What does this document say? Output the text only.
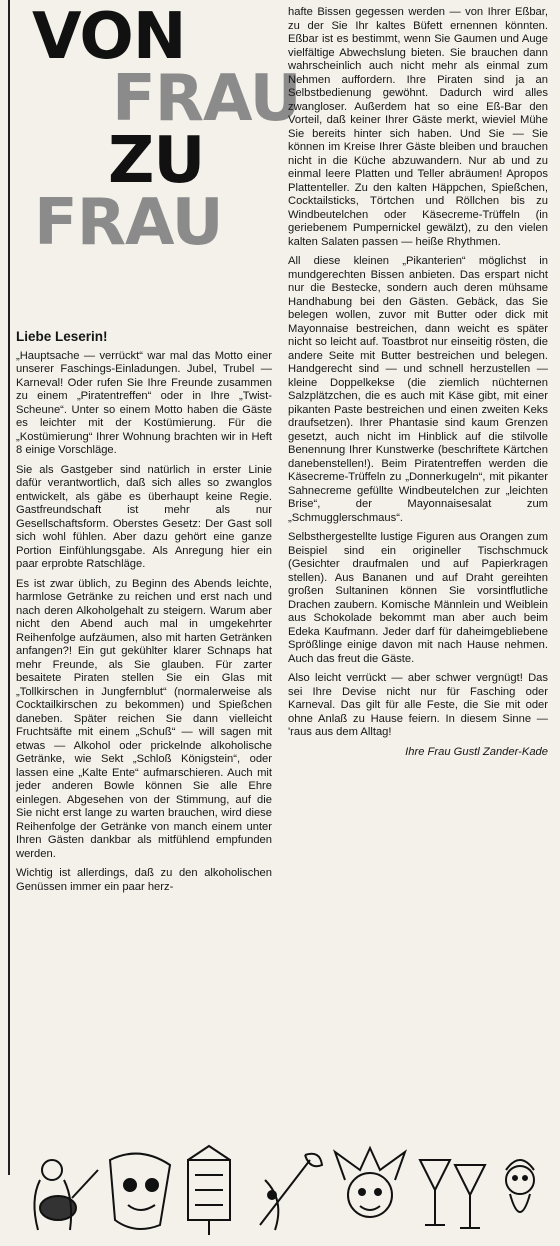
VON
FRAU
ZU
FRAU

Liebe Leserin!

„Hauptsache — verrückt“ war mal das Motto einer unserer Faschings-Einladungen. Jubel, Trubel — Karneval! Oder rufen Sie Ihre Freunde zusammen zu einem „Piratentreffen“ oder in Ihre „Twist-Scheune“. Unter so einem Motto haben die Gäste es leichter mit der Kostümierung. Für die „Kostümierung“ Ihrer Wohnung brachten wir in Heft 8 einige Vorschläge.

Sie als Gastgeber sind natürlich in erster Linie dafür verantwortlich, daß sich alles so zwanglos entwickelt, als gäbe es überhaupt keine Regie. Gastfreundschaft ist mehr als nur Gesellschaftsform. Oberstes Gesetz: Der Gast soll sich wohl fühlen. Aber dazu gehört eine ganze Portion Einfühlungsgabe. Als Anregung hier ein paar erprobte Ratschläge.

Es ist zwar üblich, zu Beginn des Abends leichte, harmlose Getränke zu reichen und erst nach und nach deren Alkoholgehalt zu steigern. Warum aber nicht den Abend auch mal in umgekehrter Reihenfolge aufzäumen, also mit harten Getränken anfangen?! Ein gut gekühlter klarer Schnaps hat mehr Freunde, als Sie glauben. Für zarter besaitete Piraten stellen Sie ein Glas mit „Tollkirschen in Jungfernblut“ (normalerweise als Cocktailkirschen zu bekommen) und Spießchen daneben. Später reichen Sie dann vielleicht Fruchtsäfte mit einem „Schuß“ — will sagen mit etwas — Alkohol oder prickelnde alkoholische Getränke, wie Sekt „Schloß Königstein“, oder lassen eine „Kalte Ente“ aufmarschieren. Auch mit jeder anderen Bowle können Sie alle Ehre einlegen. Abgesehen von der Stimmung, auf die Sie nicht erst lange zu warten brauchen, wird diese Reihenfolge der Getränke von manch einem unter Ihren Gästen dankbar als mitfühlend empfunden werden.

Wichtig ist allerdings, daß zu den alkoholischen Genüssen immer ein paar herz-

hafte Bissen gegessen werden — von Ihrer Eßbar, zu der Sie Ihr kaltes Büfett ernennen könnten. Eßbar ist es bestimmt, wenn Sie Gaumen und Auge vielfältige Abwechslung bieten. Sie brauchen dann wahrscheinlich auch nicht mehr als einmal zum Nehmen auffordern. Ihre Piraten sind ja an Selbstbedienung gewöhnt. Dadurch wird alles zwangloser. Außerdem hat so eine Eß-Bar den Vorteil, daß keiner Ihrer Gäste merkt, wieviel Mühe Sie bereits hinter sich haben. Und Sie — Sie können im Kreise Ihrer Gäste bleiben und brauchen nicht in die Küche abzuwandern. Nur ab und zu einmal leere Platten und Teller abräumen! Apropos Plattenteller. Zu den kalten Häppchen, Spießchen, Cocktailsticks, Törtchen und Röllchen bis zu Windbeutelchen oder Käsecreme-Trüffeln (in geriebenem Pumpernickel gewälzt), zu den vielen kalten Salaten passen — heiße Rhythmen.

All diese kleinen „Pikanterien“ möglichst in mundgerechten Bissen anbieten. Das erspart nicht nur die Bestecke, sondern auch deren mühsame Handhabung bei den Gästen. Gebäck, das Sie belegen wollen, zuvor mit Butter oder dick mit Mayonnaise bestreichen, dann weicht es später nicht so leicht auf. Toastbrot nur einseitig rösten, die andere Seite mit Butter bestreichen und belegen. Handgerecht sind — und schnell herzustellen — kleine Doppelkekse (die ziemlich nüchternen Salzplätzchen, die es auch mit Käse gibt, mit einer pikanten Paste bestreichen und einen zweiten Keks draufsetzen). Ihrer Phantasie sind kaum Grenzen gesetzt, auch nicht im Hinblick auf die stilvolle Benennung Ihrer Kunstwerke (beschriftete Kärtchen danebenstellen!). Beim Piratentreffen werden die Käsecreme-Trüffeln zu „Donnerkugeln“, mit pikanter Sahnecreme gefüllte Windbeutelchen zur „leichten Brise“, der Mayonnaisesalat zum „Schmugglerschmaus“.

Selbsthergestellte lustige Figuren aus Orangen zum Beispiel sind ein origineller Tischschmuck (Gesichter draufmalen und auf Papierkragen stellen). Aus Bananen und auf Draht gereihten großen Sultaninen können Sie vorsintflutliche Drachen zaubern. Komische Männlein und Weiblein aus Schokolade bekommt man aber auch beim Edeka Kaufmann. Jeder darf für daheimgebliebene Sprößlinge einige davon mit nach Hause nehmen. Auch das freut die Gäste.

Also leicht verrückt — aber schwer vergnügt! Das sei Ihre Devise nicht nur für Fasching oder Karneval. Das gilt für alle Feste, die Sie mit oder ohne Anlaß zu Hause feiern. In diesem Sinne — 'raus aus dem Alltag!

Ihre Frau Gustl Zander-Kade
